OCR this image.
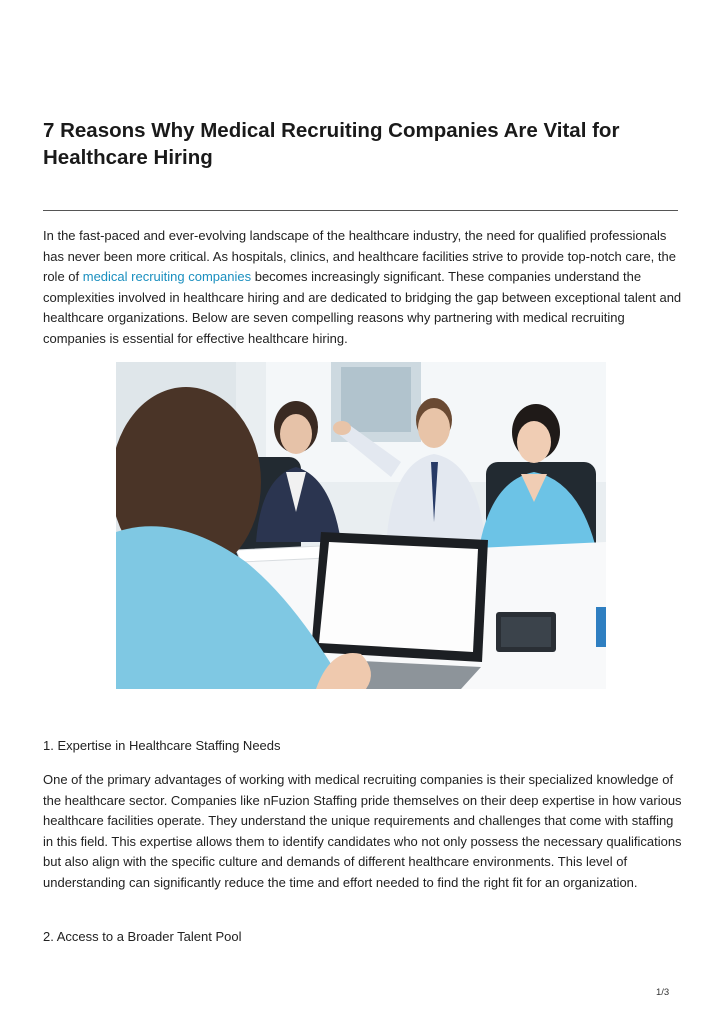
7 Reasons Why Medical Recruiting Companies Are Vital for Healthcare Hiring

In the fast-paced and ever-evolving landscape of the healthcare industry, the need for qualified professionals has never been more critical. As hospitals, clinics, and healthcare facilities strive to provide top-notch care, the role of medical recruiting companies becomes increasingly significant. These companies understand the complexities involved in healthcare hiring and are dedicated to bridging the gap between exceptional talent and healthcare organizations. Below are seven compelling reasons why partnering with medical recruiting companies is essential for effective healthcare hiring.

1. Expertise in Healthcare Staffing Needs

One of the primary advantages of working with medical recruiting companies is their specialized knowledge of the healthcare sector. Companies like nFuzion Staffing pride themselves on their deep expertise in how various healthcare facilities operate. They understand the unique requirements and challenges that come with staffing in this field. This expertise allows them to identify candidates who not only possess the necessary qualifications but also align with the specific culture and demands of different healthcare environments. This level of understanding can significantly reduce the time and effort needed to find the right fit for an organization.

2. Access to a Broader Talent Pool

1/3
